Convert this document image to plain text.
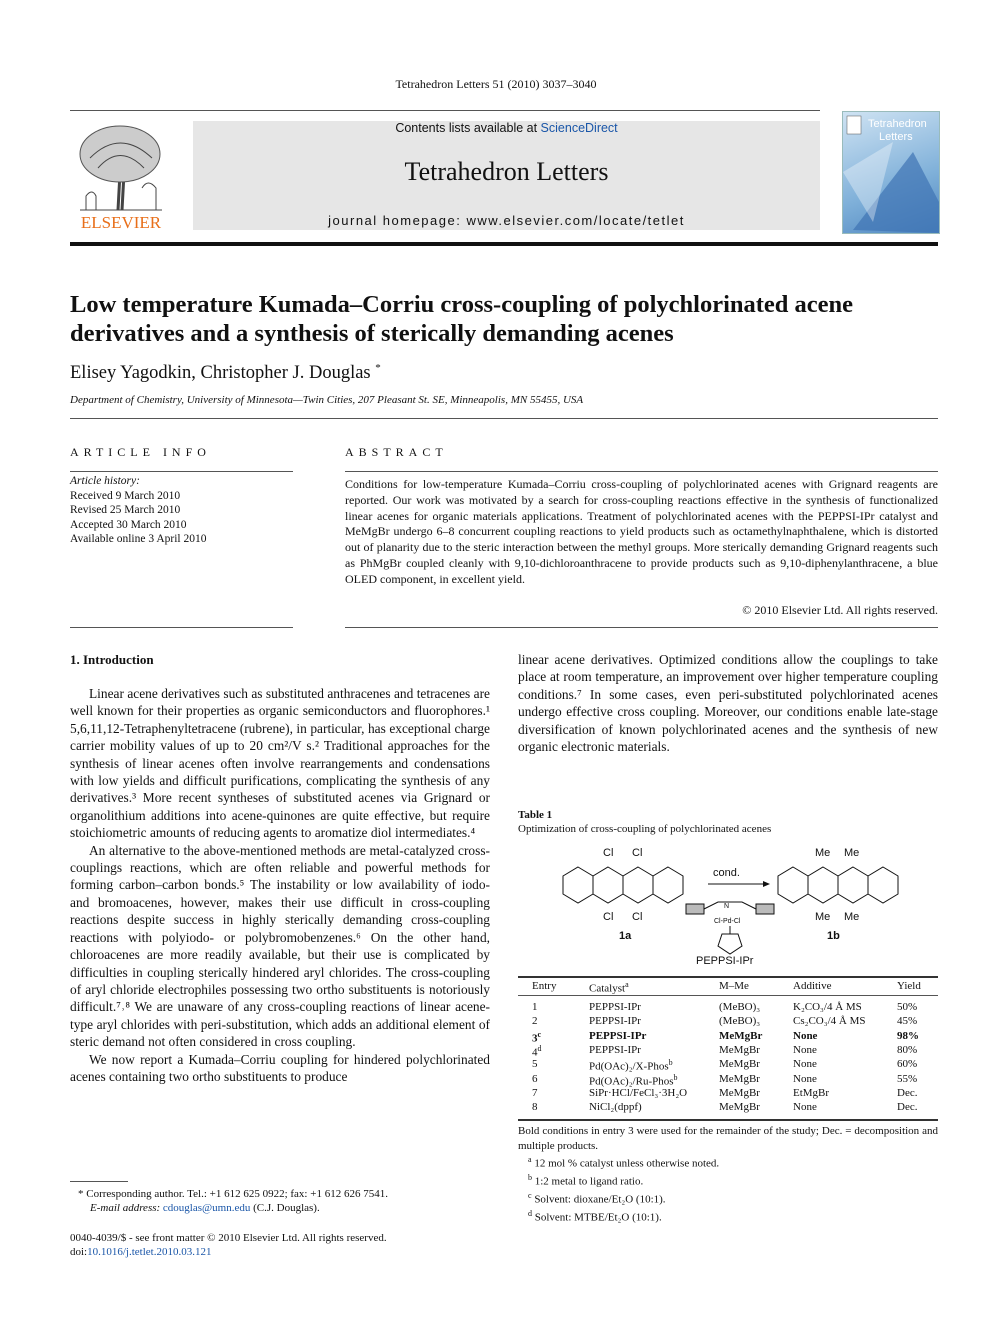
Tetrahedron Letters 51 (2010) 3037–3040
ELSEVIER
Contents lists available at ScienceDirect
Tetrahedron Letters
journal homepage: www.elsevier.com/locate/tetlet
Tetrahedron
Letters
Low temperature Kumada–Corriu cross-coupling of polychlorinated acene derivatives and a synthesis of sterically demanding acenes
Elisey Yagodkin, Christopher J. Douglas *
Department of Chemistry, University of Minnesota—Twin Cities, 207 Pleasant St. SE, Minneapolis, MN 55455, USA
ARTICLE INFO
Article history:
Received 9 March 2010
Revised 25 March 2010
Accepted 30 March 2010
Available online 3 April 2010
ABSTRACT
Conditions for low-temperature Kumada–Corriu cross-coupling of polychlorinated acenes with Grignard reagents are reported. Our work was motivated by a search for cross-coupling reactions effective in the synthesis of functionalized linear acenes for organic materials applications. Treatment of polychlorinated acenes with the PEPPSI-IPr catalyst and MeMgBr undergo 6–8 concurrent coupling reactions to yield products such as octamethylnaphthalene, which is distorted out of planarity due to the steric interaction between the methyl groups. More sterically demanding Grignard reagents such as PhMgBr coupled cleanly with 9,10-dichloroanthracene to provide products such as 9,10-diphenylanthracene, a blue OLED component, in excellent yield.
© 2010 Elsevier Ltd. All rights reserved.
1. Introduction

Linear acene derivatives such as substituted anthracenes and tetracenes are well known for their properties as organic semiconductors and fluorophores.¹ 5,6,11,12-Tetraphenyltetracene (rubrene), in particular, has exceptional charge carrier mobility values of up to 20 cm²/V s.² Traditional approaches for the synthesis of linear acenes often involve rearrangements and condensations with low yields and difficult purifications, complicating the synthesis of any derivatives.³ More recent syntheses of substituted acenes via Grignard or organolithium additions into acene-quinones are quite effective, but require stoichiometric amounts of reducing agents to aromatize diol intermediates.⁴

An alternative to the above-mentioned methods are metal-catalyzed cross-couplings reactions, which are often reliable and powerful methods for forming carbon–carbon bonds.⁵ The instability or low availability of iodo- and bromoacenes, however, makes their use difficult in cross-coupling reactions despite success in highly sterically demanding cross-coupling reactions with polyiodo- or polybromobenzenes.⁶ On the other hand, chloroacenes are more readily available, but their use is complicated by difficulties in coupling sterically hindered aryl chlorides. The cross-coupling of aryl chloride electrophiles possessing two ortho substituents is notoriously difficult.⁷˒⁸ We are unaware of any cross-coupling reactions of linear acene-type aryl chlorides with peri-substitution, which adds an additional element of steric demand not often considered in cross coupling.

We now report a Kumada–Corriu coupling for hindered polychlorinated acenes containing two ortho substituents to produce

linear acene derivatives. Optimized conditions allow the couplings to take place at room temperature, an improvement over higher temperature coupling conditions.⁷ In some cases, even peri-substituted polychlorinated acenes undergo effective cross coupling. Moreover, our conditions enable late-stage diversification of known polychlorinated acenes and the synthesis of new organic electronic materials.

* Corresponding author. Tel.: +1 612 625 0922; fax: +1 612 626 7541.
E-mail address: cdouglas@umn.edu (C.J. Douglas).
0040-4039/$ - see front matter © 2010 Elsevier Ltd. All rights reserved.
doi:10.1016/j.tetlet.2010.03.121
Table 1
Optimization of cross-coupling of polychlorinated acenes
Cl Cl
Cl Cl
Me Me
Me Me
1a	1b
cond.
PEPPSI-IPr
N
Cl-Pd-Cl
Entry	Catalyst$^a$	M–Me	Additive	Yield
1	PEPPSI-IPr	(MeBO)₃	K₂CO₃/4 Å MS	50%
2	PEPPSI-IPr	(MeBO)₃	Cs₂CO₃/4 Å MS	45%
3$^c$	PEPPSI-IPr	MeMgBr	None	98%
4$^d$	PEPPSI-IPr	MeMgBr	None	80%
5	Pd(OAc)₂/X-Phos$^b$	MeMgBr	None	60%
6	Pd(OAc)₂/Ru-Phos$^b$	MeMgBr	None	55%
7	SiPr·HCl/FeCl₃·3H₂O	MeMgBr	EtMgBr	Dec.
8	NiCl₂(dppf)	MeMgBr	None	Dec.
Bold conditions in entry 3 were used for the remainder of the study; Dec. = decomposition and multiple products.
$^a$ 12 mol % catalyst unless otherwise noted.
$^b$ 1:2 metal to ligand ratio.
$^c$ Solvent: dioxane/Et₂O (10:1).
$^d$ Solvent: MTBE/Et₂O (10:1).
